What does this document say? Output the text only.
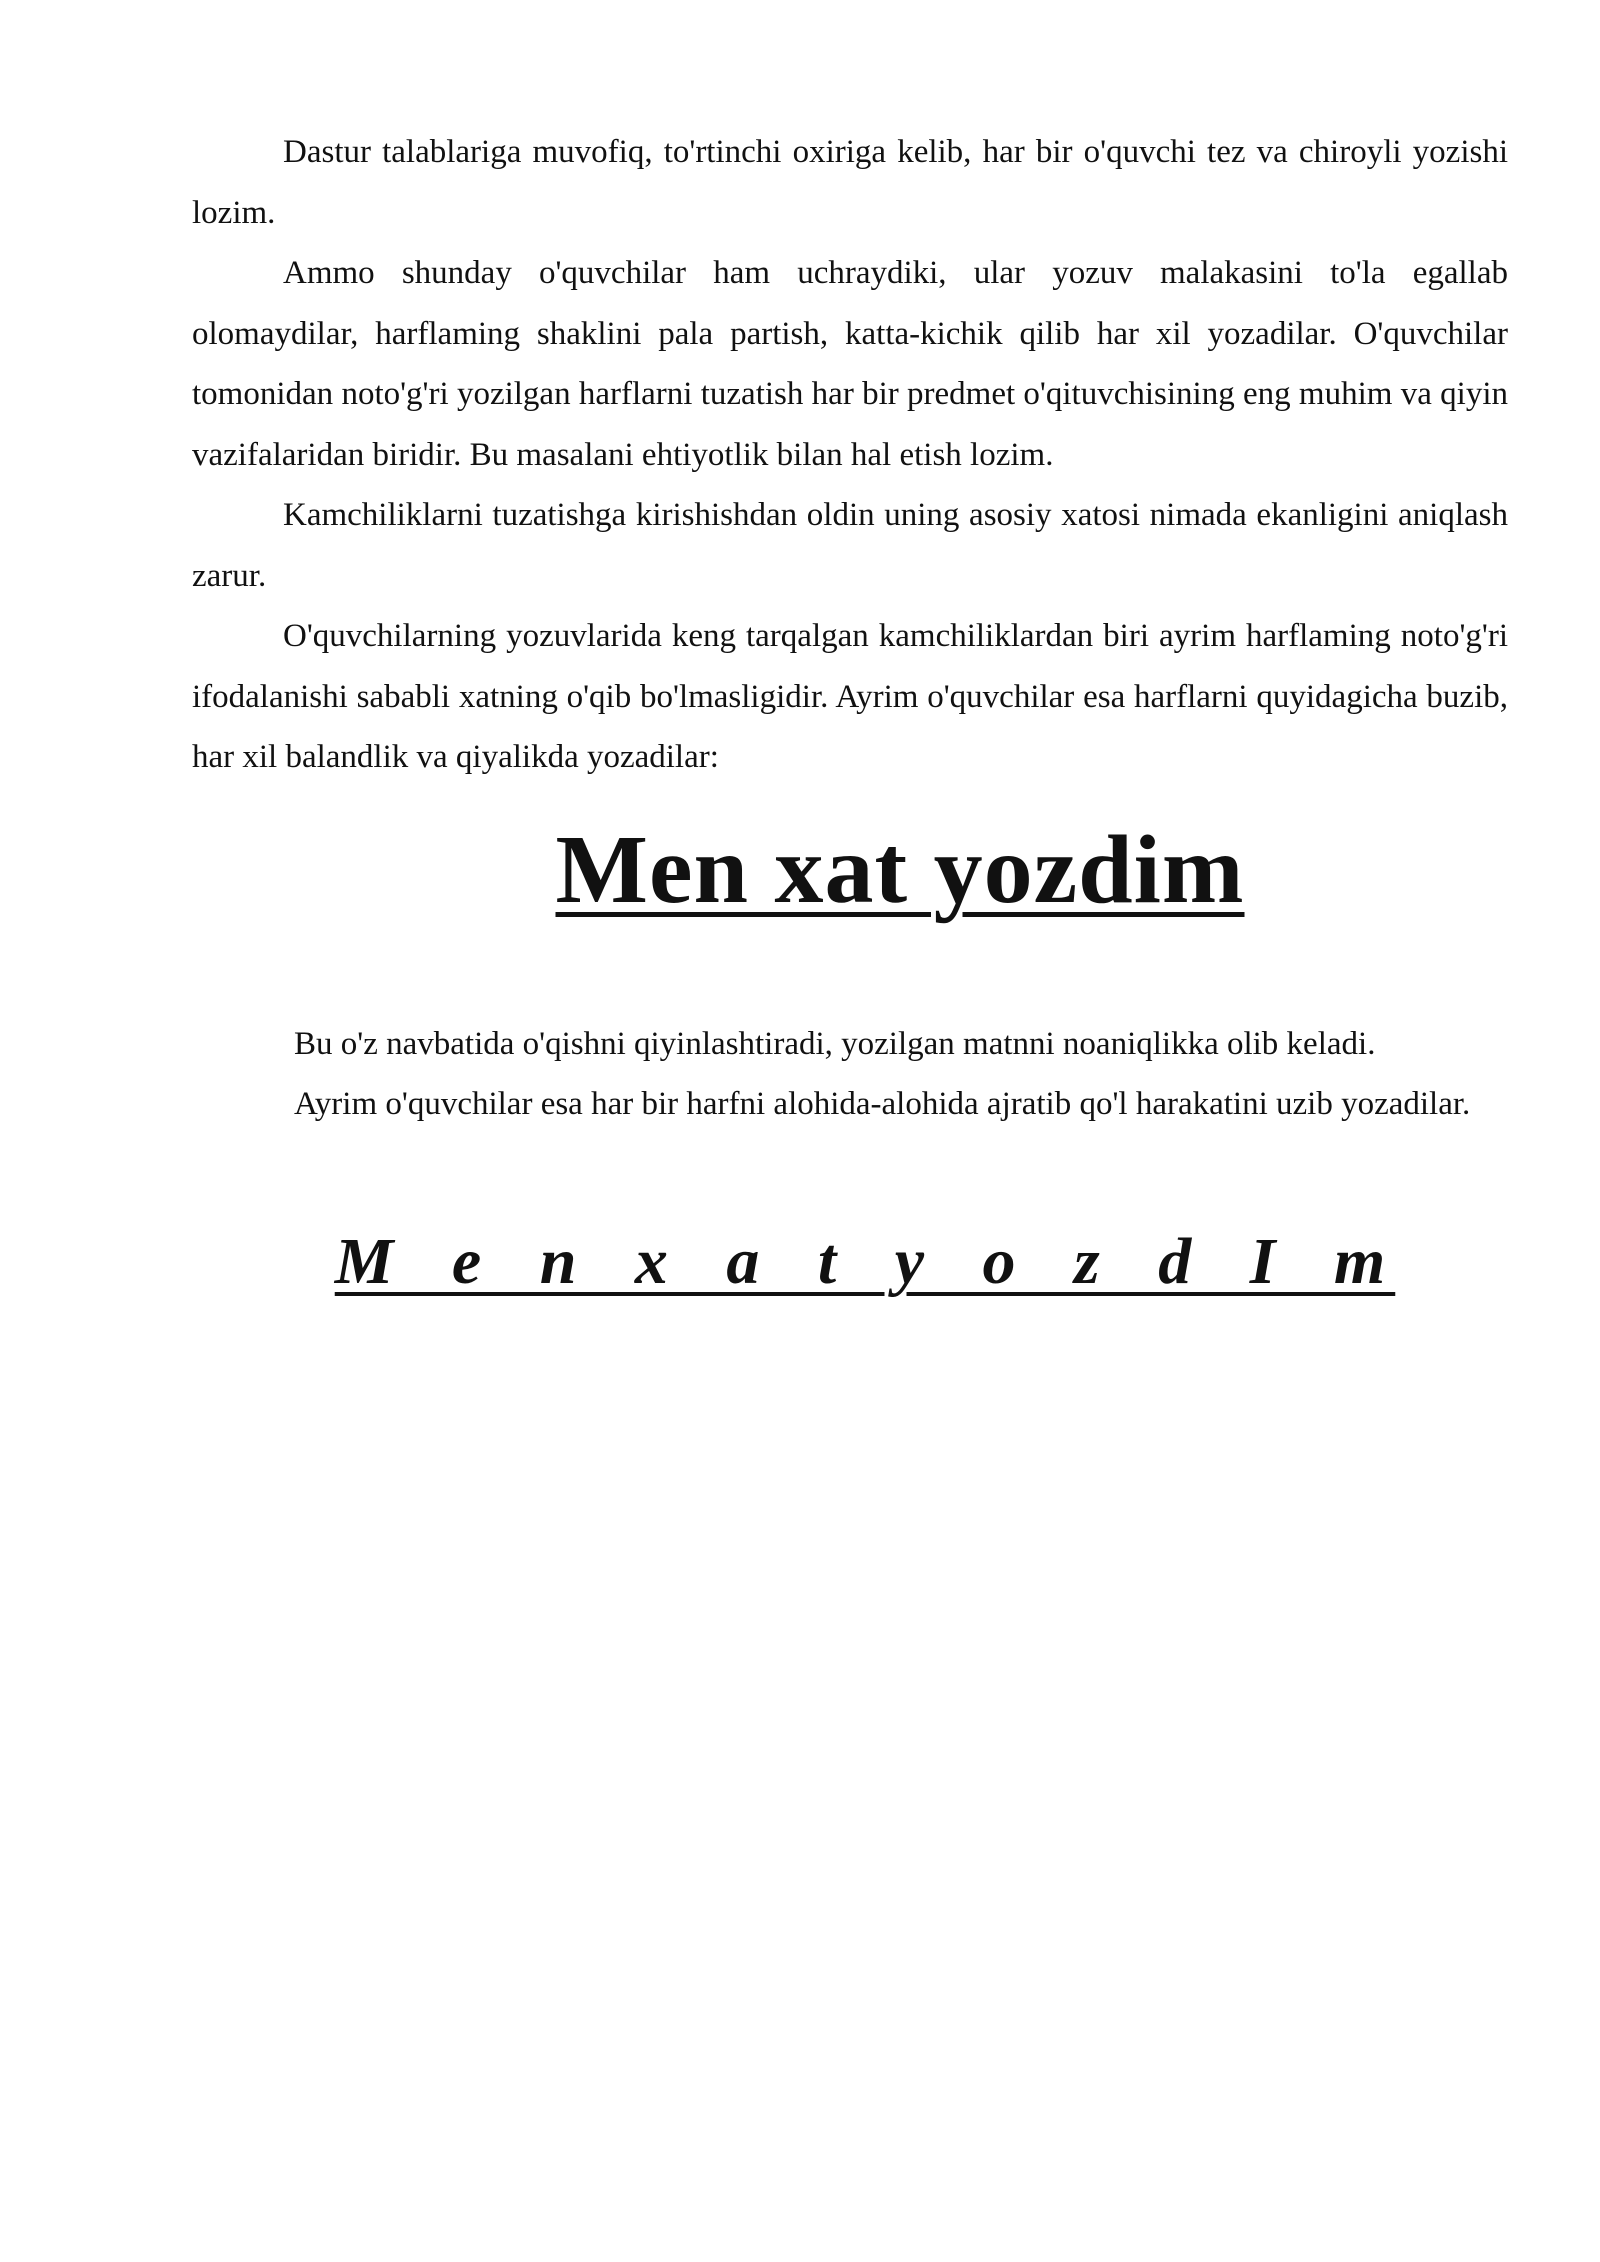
Dastur talablariga muvofiq, to'rtinchi oxiriga kelib, har bir o'quvchi tez va chiroyli yozishi lozim.

Ammo shunday o'quvchilar ham uchraydiki, ular yozuv malakasini to'la egallab olomaydilar, harflaming shaklini pala partish, katta-kichik qilib har xil yozadilar. O'quvchilar tomonidan noto'g'ri yozilgan harflarni tuzatish har bir predmet o'qituvchisining eng muhim va qiyin vazifalaridan biridir. Bu masalani ehtiyotlik bilan hal etish lozim.

Kamchiliklarni tuzatishga kirishishdan oldin uning asosiy xatosi nimada ekanligini aniqlash zarur.

O'quvchilarning yozuvlarida keng tarqalgan kamchiliklardan biri ayrim harflaming noto'g'ri ifodalanishi sababli xatning o'qib bo'lmasligidir. Ayrim o'quvchilar esa harflarni quyidagicha buzib, har xil balandlik va qiyalikda yozadilar:

Men xat yozdim

Bu o'z navbatida o'qishni qiyinlashtiradi, yozilgan matnni noaniqlikka olib keladi.

Ayrim o'quvchilar esa har bir harfni alohida-alohida ajratib qo'l harakatini uzib yozadilar.

M e n x a t y o z d I m
